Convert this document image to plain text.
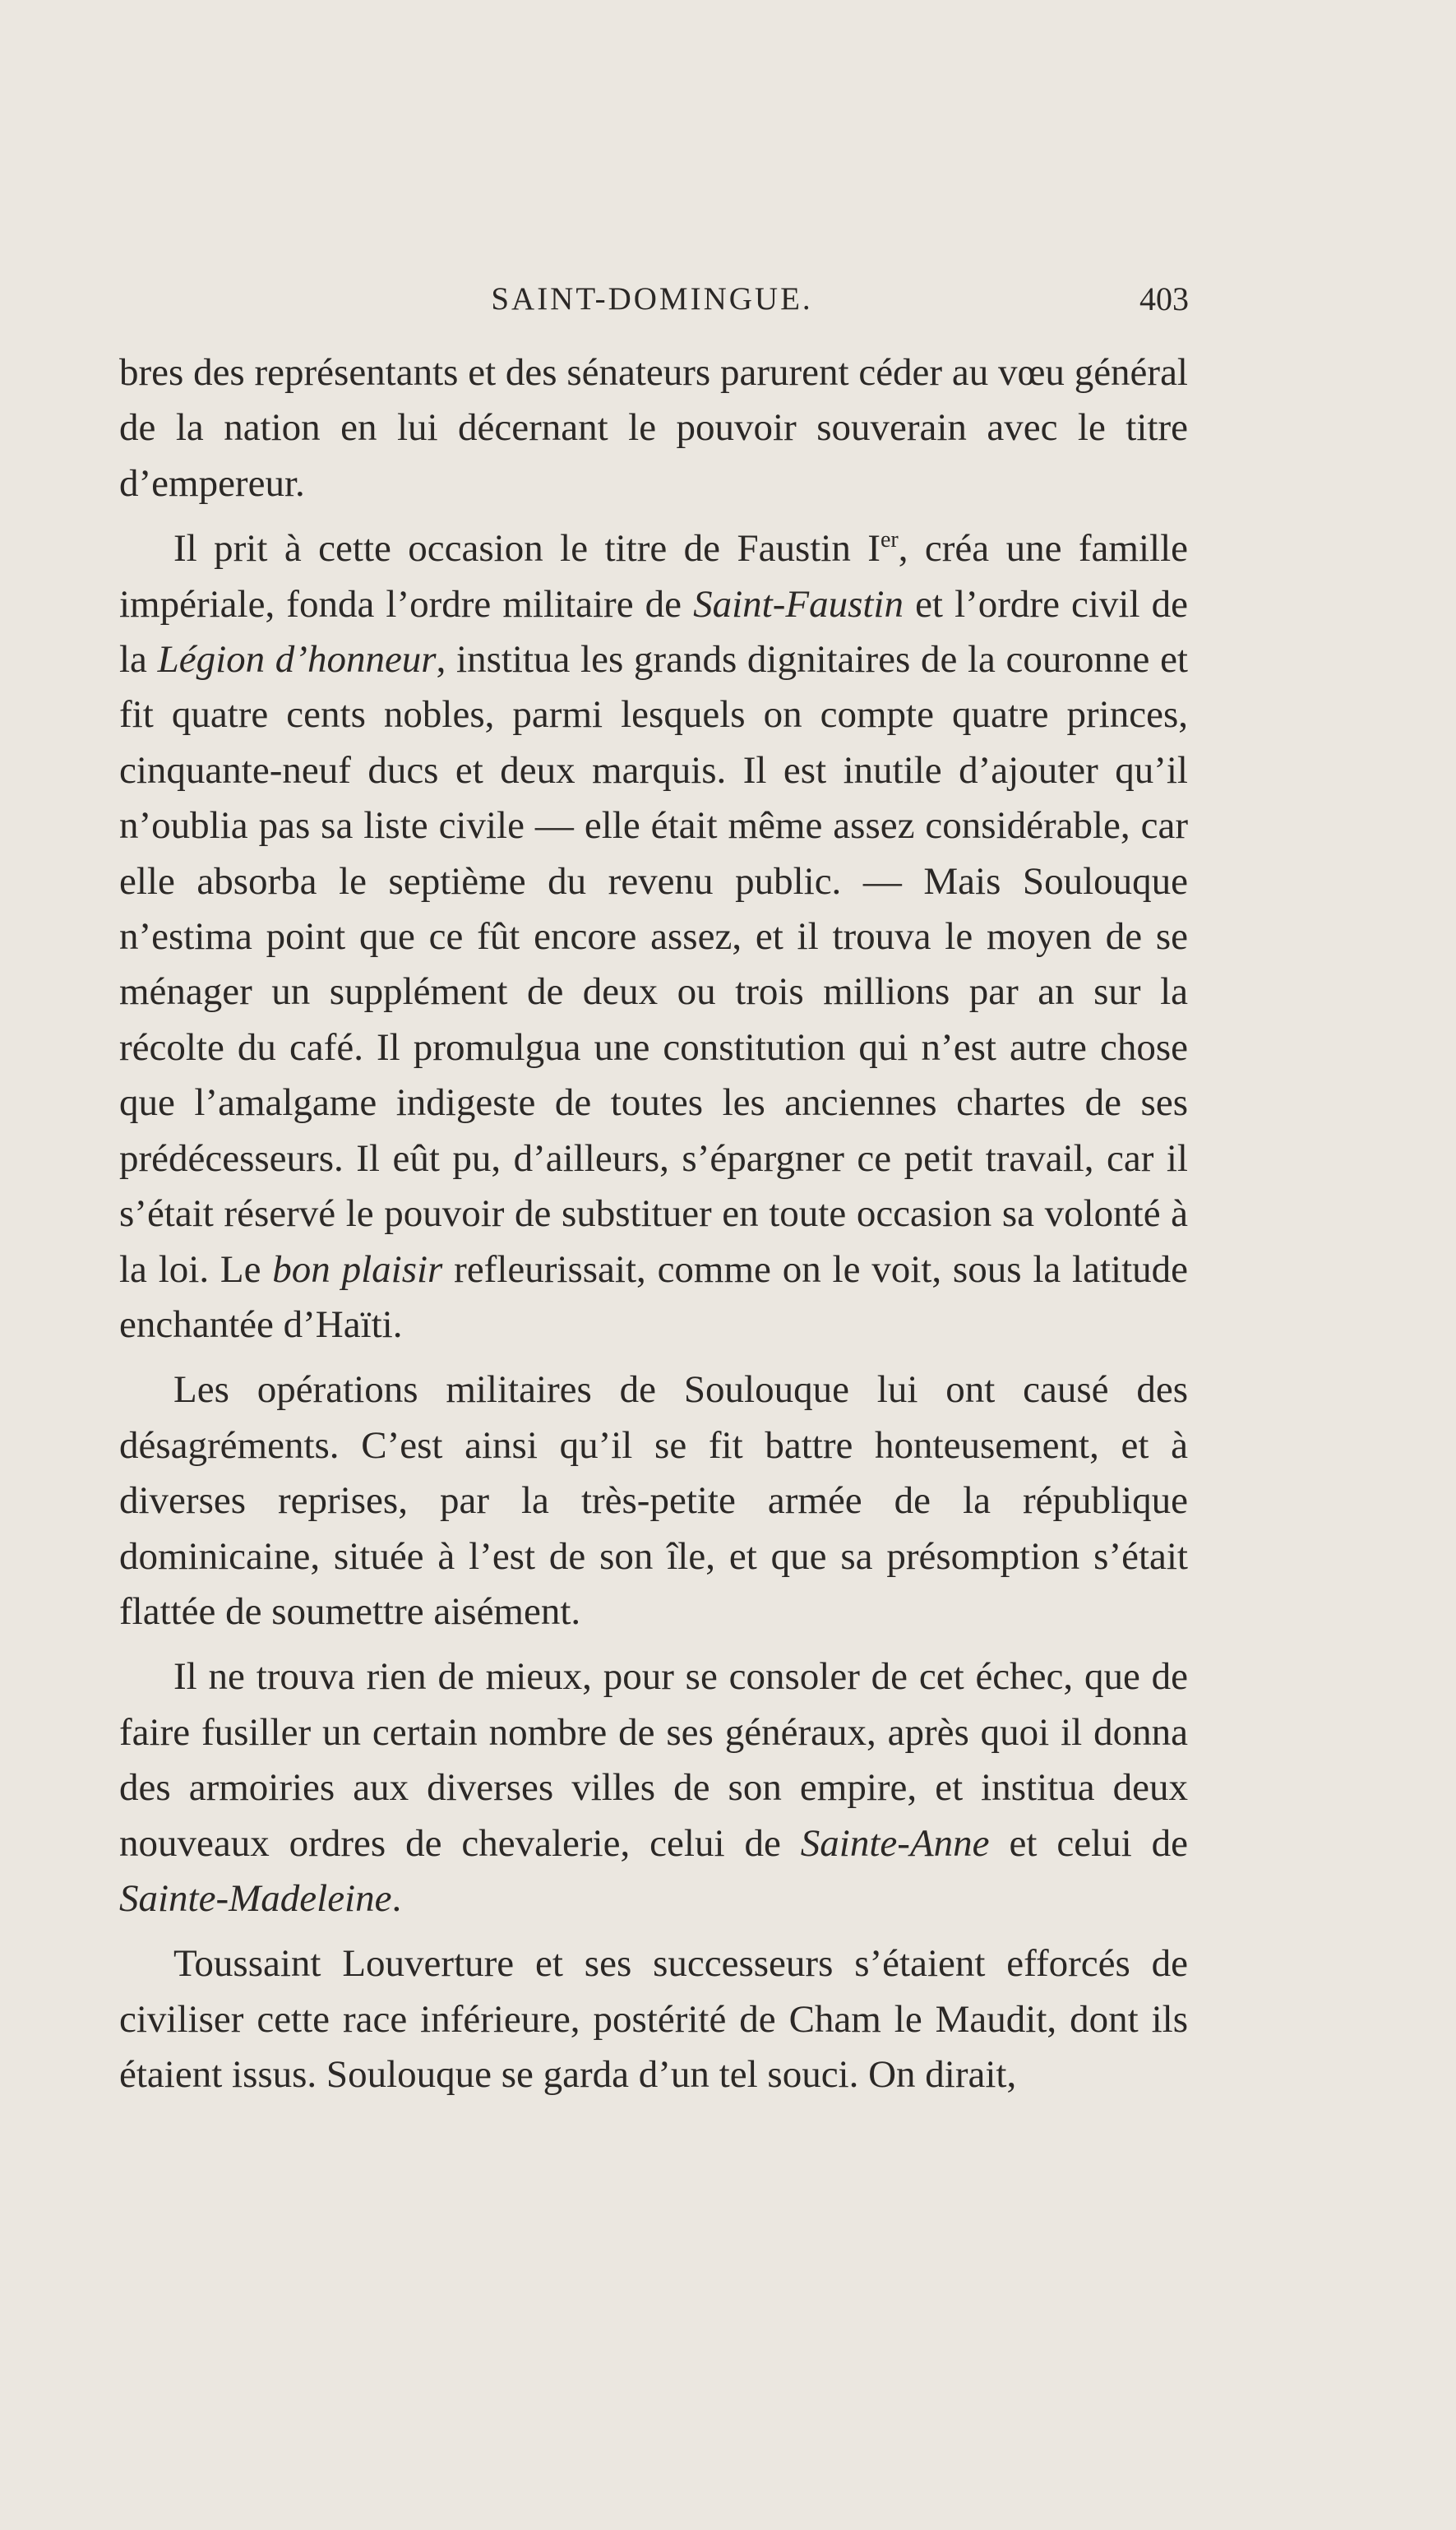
SAINT-DOMINGUE.	403

bres des représentants et des sénateurs parurent céder au vœu général de la nation en lui décernant le pouvoir souverain avec le titre d’empereur.

Il prit à cette occasion le titre de Faustin Ier, créa une famille impériale, fonda l’ordre militaire de Saint-Faustin et l’ordre civil de la Légion d’honneur, institua les grands dignitaires de la couronne et fit quatre cents nobles, parmi lesquels on compte quatre princes, cinquante-neuf ducs et deux marquis. Il est inutile d’ajouter qu’il n’oublia pas sa liste civile — elle était même assez considérable, car elle absorba le septième du revenu public. — Mais Soulouque n’estima point que ce fût encore assez, et il trouva le moyen de se ménager un supplément de deux ou trois millions par an sur la récolte du café. Il promulgua une constitution qui n’est autre chose que l’amalgame indigeste de toutes les anciennes chartes de ses prédécesseurs. Il eût pu, d’ailleurs, s’épargner ce petit travail, car il s’était réservé le pouvoir de substituer en toute occasion sa volonté à la loi. Le bon plaisir refleurissait, comme on le voit, sous la latitude enchantée d’Haïti.

Les opérations militaires de Soulouque lui ont causé des désagréments. C’est ainsi qu’il se fit battre honteusement, et à diverses reprises, par la très-petite armée de la république dominicaine, située à l’est de son île, et que sa présomption s’était flattée de soumettre aisément.

Il ne trouva rien de mieux, pour se consoler de cet échec, que de faire fusiller un certain nombre de ses généraux, après quoi il donna des armoiries aux diverses villes de son empire, et institua deux nouveaux ordres de chevalerie, celui de Sainte-Anne et celui de Sainte-Madeleine.

Toussaint Louverture et ses successeurs s’étaient efforcés de civiliser cette race inférieure, postérité de Cham le Maudit, dont ils étaient issus. Soulouque se garda d’un tel souci. On dirait,
